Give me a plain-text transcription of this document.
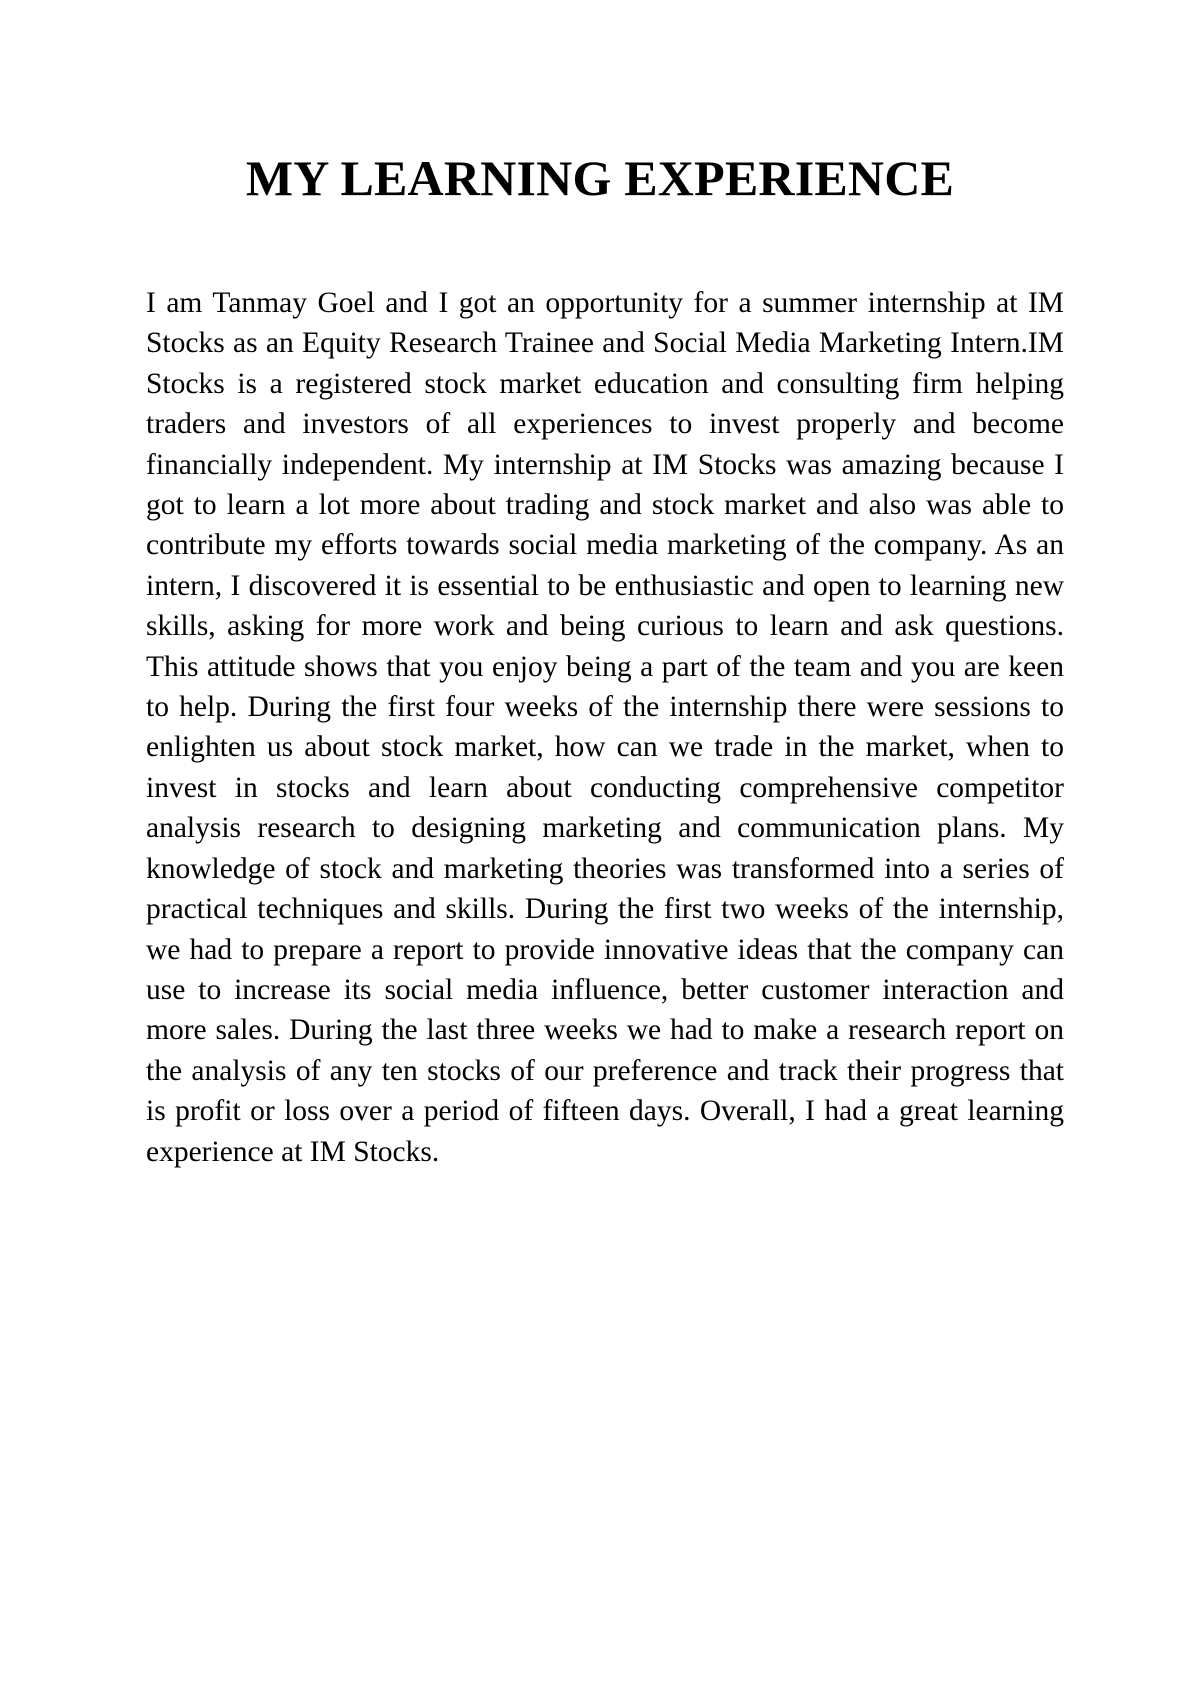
MY LEARNING EXPERIENCE

I am Tanmay Goel and I got an opportunity for a summer internship at IM Stocks as an Equity Research Trainee and Social Media Marketing Intern.IM Stocks is a registered stock market education and consulting firm helping traders and investors of all experiences to invest properly and become financially independent. My internship at IM Stocks was amazing because I got to learn a lot more about trading and stock market and also was able to contribute my efforts towards social media marketing of the company. As an intern, I discovered it is essential to be enthusiastic and open to learning new skills, asking for more work and being curious to learn and ask questions. This attitude shows that you enjoy being a part of the team and you are keen to help. During the first four weeks of the internship there were sessions to enlighten us about stock market, how can we trade in the market, when to invest in stocks and learn about conducting comprehensive competitor analysis research to designing marketing and communication plans. My knowledge of stock and marketing theories was transformed into a series of practical techniques and skills. During the first two weeks of the internship, we had to prepare a report to provide innovative ideas that the company can use to increase its social media influence, better customer interaction and more sales. During the last three weeks we had to make a research report on the analysis of any ten stocks of our preference and track their progress that is profit or loss over a period of fifteen days. Overall, I had a great learning experience at IM Stocks.
